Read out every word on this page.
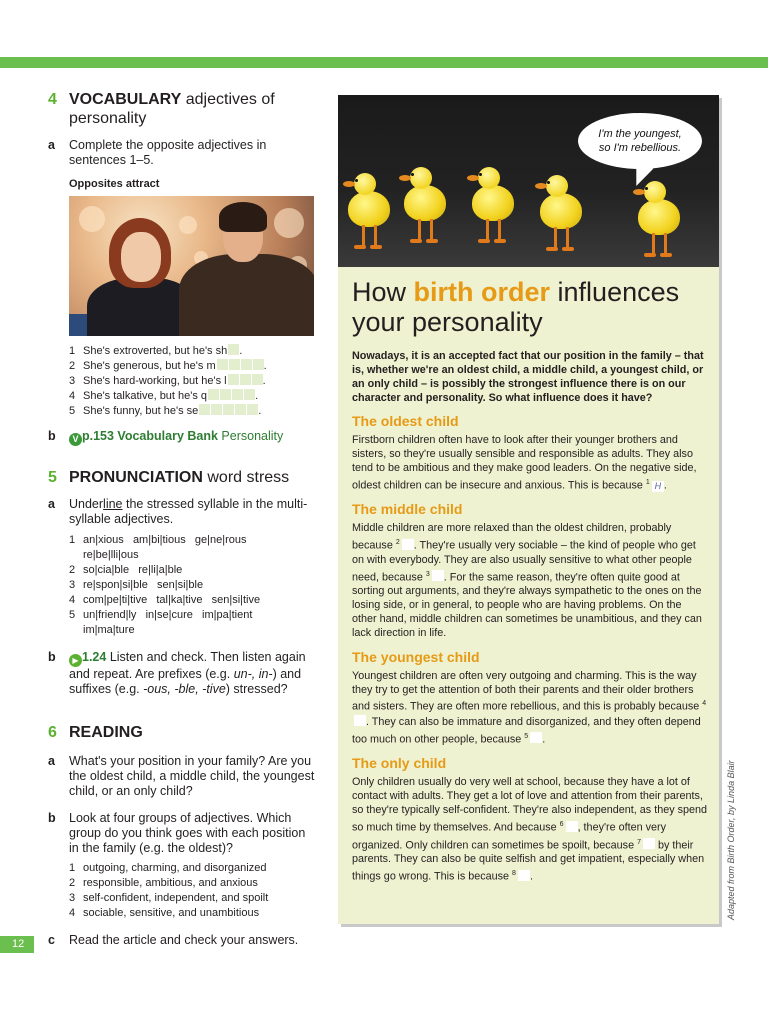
4 VOCABULARY adjectives of
personality
a	Complete the opposite adjectives in sentences 1–5.
Opposites attract
1 She's extroverted, but he's sh .
2 She's generous, but he's m	.
3 She's hard-working, but he's l	.
4 She's talkative, but he's q	.
5 She's funny, but he's se	.
b	V p.153 Vocabulary Bank Personality
5 PRONUNCIATION word stress
a	Underline the stressed syllable in the multi-syllable adjectives.
1 an|xious   am|bi|tious   ge|ne|rous
re|be|lli|ous
2 so|cia|ble   re|li|a|ble
3 re|spon|si|ble   sen|si|ble
4 com|pe|ti|tive   tal|ka|tive   sen|si|tive
5 un|friend|ly   in|se|cure   im|pa|tient
im|ma|ture
b	▶ 1.24 Listen and check. Then listen again and repeat. Are prefixes (e.g. un-, in-) and suffixes (e.g. -ous, -ble, -tive) stressed?
6 READING
a	What's your position in your family? Are you the oldest child, a middle child, the youngest child, or an only child?
b	Look at four groups of adjectives. Which group do you think goes with each position in the family (e.g. the oldest)?
1 outgoing, charming, and disorganized
2 responsible, ambitious, and anxious
3 self-confident, independent, and spoilt
4 sociable, sensitive, and unambitious
c	Read the article and check your answers.
12
I'm the youngest,
so I'm rebellious.
How birth order influences
your personality
Nowadays, it is an accepted fact that our position in the family – that is, whether we're an oldest child, a middle child, a youngest child, or an only child – is possibly the strongest influence there is on our character and personality. So what influence does it have?
The oldest child
Firstborn children often have to look after their younger brothers and sisters, so they're usually sensible and responsible as adults. They also tend to be ambitious and they make good leaders. On the negative side, oldest children can be insecure and anxious. This is because $^1$ H .
The middle child
Middle children are more relaxed than the oldest children, probably because $^2$ . They're usually very sociable – the kind of people who get on with everybody. They are also usually sensitive to what other people need, because $^3$ . For the same reason, they're often quite good at sorting out arguments, and they're always sympathetic to the ones on the losing side, or in general, to people who are having problems. On the other hand, middle children can sometimes be unambitious, and they can lack direction in life.
The youngest child
Youngest children are often very outgoing and charming. This is the way they try to get the attention of both their parents and their older brothers and sisters. They are often more rebellious, and this is probably because $^4$. They can also be immature and disorganized, and they often depend too much on other people, because $^5$ .
The only child
Only children usually do very well at school, because they have a lot of contact with adults. They get a lot of love and attention from their parents, so they're typically self-confident. They're also independent, as they spend so much time by themselves. And because $^6$ , they're often very organized. Only children can sometimes be spoilt, because $^7$ by their parents. They can also be quite selfish and get impatient, especially when things go wrong. This is because $^8$ .	Adapted from Birth Order, by Linda Blair
